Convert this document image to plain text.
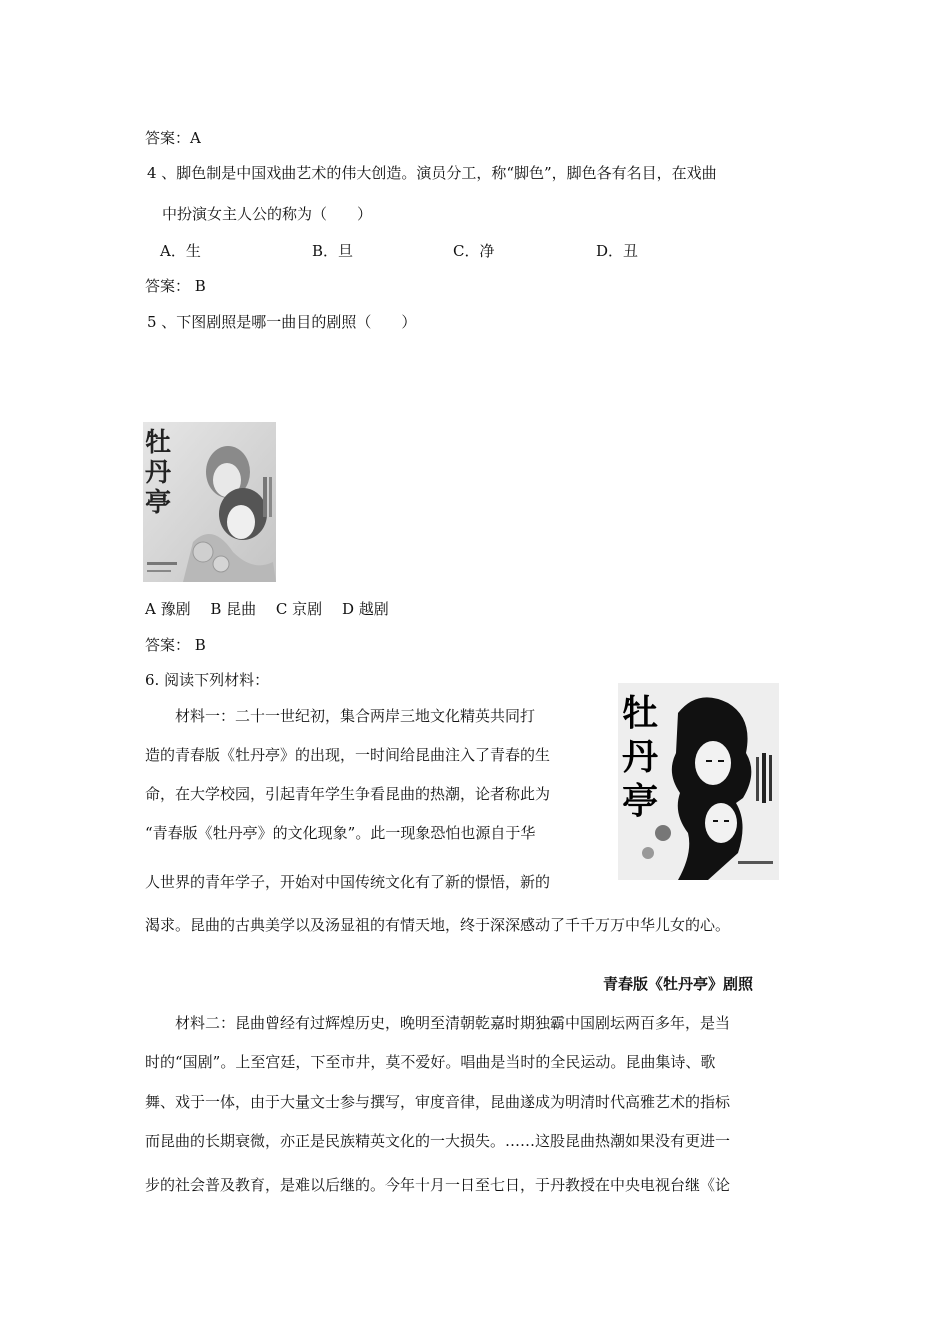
答案：A
4 、脚色制是中国戏曲艺术的伟大创造。演员分工，称“脚色”，脚色各有名目，在戏曲
中扮演女主人公的称为（　　）
A．生	B．旦	C．净	D．丑
答案： B
5 、下图剧照是哪一曲目的剧照（　　）
牡丹亭
A 豫剧　 B 昆曲　 C 京剧　 D 越剧
答案： B
6. 阅读下列材料：
材料一：二十一世纪初，集合两岸三地文化精英共同打
造的青春版《牡丹亭》的出现，一时间给昆曲注入了青春的生
命，在大学校园，引起青年学生争看昆曲的热潮，论者称此为
“青春版《牡丹亭》的文化现象”。此一现象恐怕也源自于华
人世界的青年学子，开始对中国传统文化有了新的憬悟，新的
渴求。昆曲的古典美学以及汤显祖的有情天地，终于深深感动了千千万万中华儿女的心。
牡丹亭
青春版《牡丹亭》剧照
材料二：昆曲曾经有过辉煌历史，晚明至清朝乾嘉时期独霸中国剧坛两百多年，是当
时的“国剧”。上至宫廷，下至市井，莫不爱好。唱曲是当时的全民运动。昆曲集诗、歌
舞、戏于一体，由于大量文士参与撰写，审度音律，昆曲遂成为明清时代高雅艺术的指标
而昆曲的长期衰微，亦正是民族精英文化的一大损失。……这股昆曲热潮如果没有更进一
步的社会普及教育，是难以后继的。今年十月一日至七日，于丹教授在中央电视台继《论
